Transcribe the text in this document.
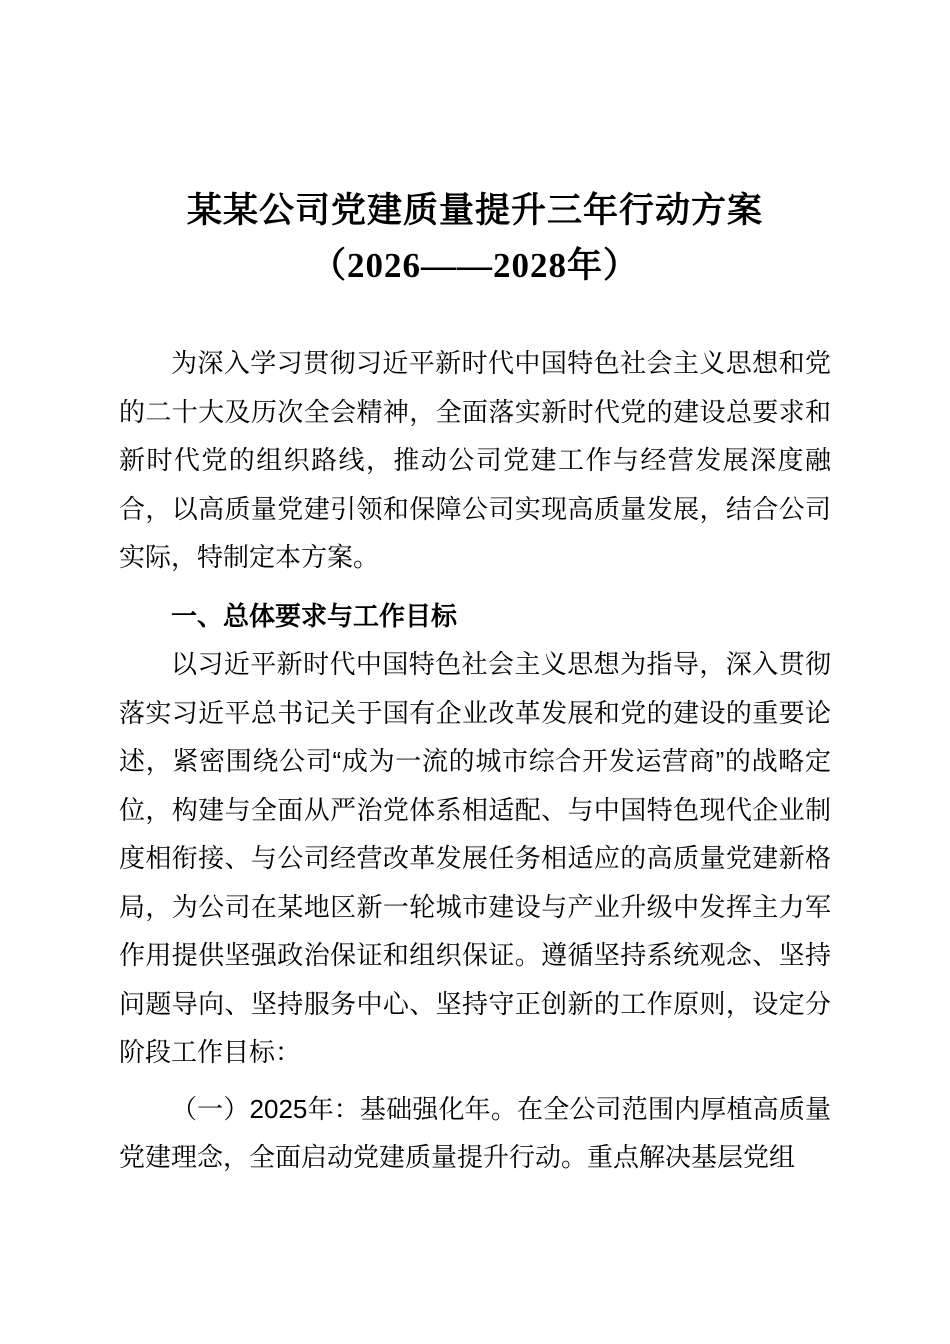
某某公司党建质量提升三年行动方案
（2026——2028年）

为深入学习贯彻习近平新时代中国特色社会主义思想和党的二十大及历次全会精神，全面落实新时代党的建设总要求和新时代党的组织路线，推动公司党建工作与经营发展深度融合，以高质量党建引领和保障公司实现高质量发展，结合公司实际，特制定本方案。

一、总体要求与工作目标

以习近平新时代中国特色社会主义思想为指导，深入贯彻落实习近平总书记关于国有企业改革发展和党的建设的重要论述，紧密围绕公司“成为一流的城市综合开发运营商”的战略定位，构建与全面从严治党体系相适配、与中国特色现代企业制度相衔接、与公司经营改革发展任务相适应的高质量党建新格局，为公司在某地区新一轮城市建设与产业升级中发挥主力军作用提供坚强政治保证和组织保证。遵循坚持系统观念、坚持问题导向、坚持服务中心、坚持守正创新的工作原则，设定分阶段工作目标：

（一）2025年：基础强化年。在全公司范围内厚植高质量党建理念，全面启动党建质量提升行动。重点解决基层党组
